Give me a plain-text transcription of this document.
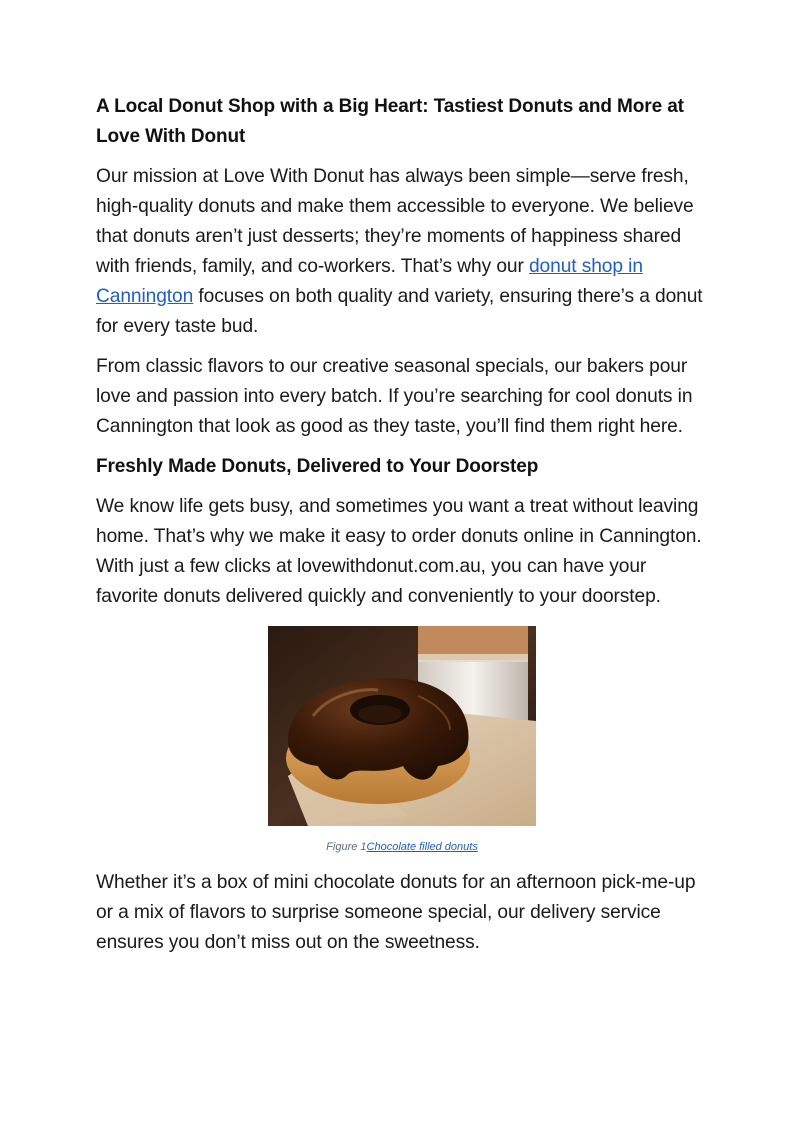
A Local Donut Shop with a Big Heart: Tastiest Donuts and More at Love With Donut

Our mission at Love With Donut has always been simple—serve fresh, high-quality donuts and make them accessible to everyone. We believe that donuts aren’t just desserts; they’re moments of happiness shared with friends, family, and co-workers. That’s why our donut shop in Cannington focuses on both quality and variety, ensuring there’s a donut for every taste bud.

From classic flavors to our creative seasonal specials, our bakers pour love and passion into every batch. If you’re searching for cool donuts in Cannington that look as good as they taste, you’ll find them right here.

Freshly Made Donuts, Delivered to Your Doorstep

We know life gets busy, and sometimes you want a treat without leaving home. That’s why we make it easy to order donuts online in Cannington. With just a few clicks at lovewithdonut.com.au, you can have your favorite donuts delivered quickly and conveniently to your doorstep.

Figure 1Chocolate filled donuts

Whether it’s a box of mini chocolate donuts for an afternoon pick-me-up or a mix of flavors to surprise someone special, our delivery service ensures you don’t miss out on the sweetness.
